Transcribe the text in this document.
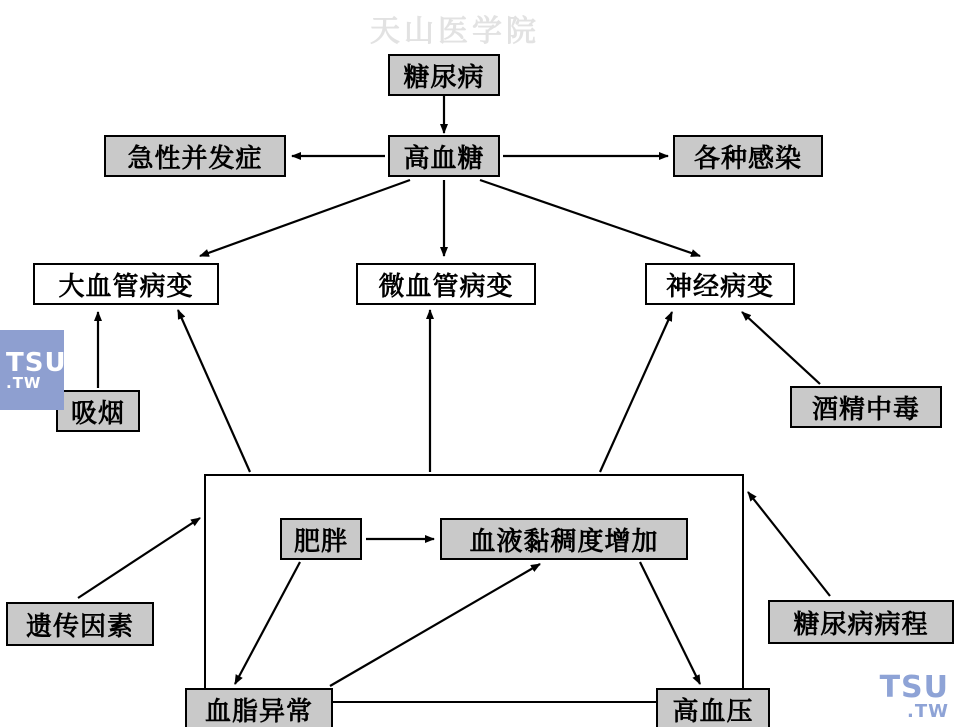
天山医学院
糖尿病
高血糖
急性并发症	各种感染
大血管病变	微血管病变	神经病变
吸烟	酒精中毒
肥胖	血液黏稠度增加
遗传因素	糖尿病病程
血脂异常	高血压
TSU
.TW
TSU
.TW
